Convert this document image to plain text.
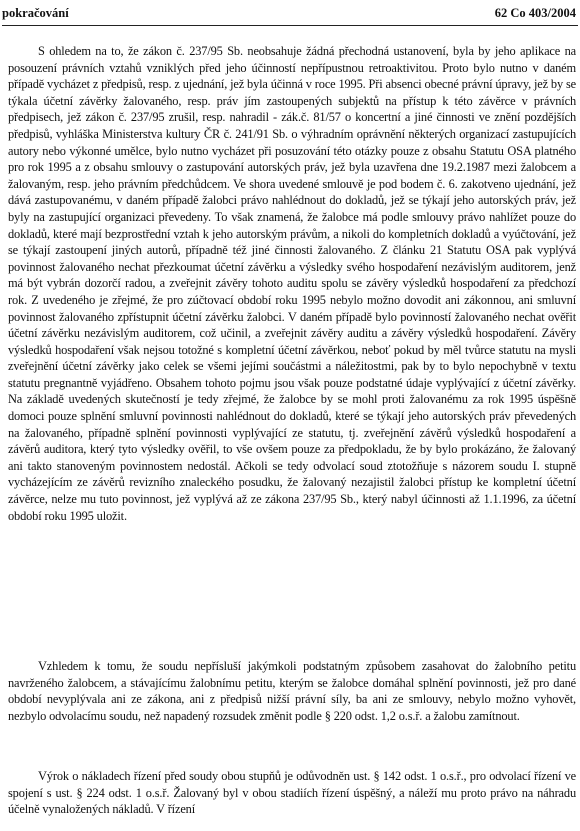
pokračování	62 Co 403/2004

S ohledem na to, že zákon č. 237/95 Sb. neobsahuje žádná přechodná ustanovení, byla by jeho aplikace na posouzení právních vztahů vzniklých před jeho účinností nepřípustnou retroaktivitou. Proto bylo nutno v daném případě vycházet z předpisů, resp. z ujednání, jež byla účinná v roce 1995. Při absenci obecné právní úpravy, jež by se týkala účetní závěrky žalovaného, resp. práv jím zastoupených subjektů na přístup k této závěrce v právních předpisech, jež zákon č. 237/95 zrušil, resp. nahradil - zák.č. 81/57 o koncertní a jiné činnosti ve znění pozdějších předpisů, vyhláška Ministerstva kultury ČR č. 241/91 Sb. o výhradním oprávnění některých organizací zastupujících autory nebo výkonné umělce, bylo nutno vycházet při posuzování této otázky pouze z obsahu Statutu OSA platného pro rok 1995 a z obsahu smlouvy o zastupování autorských práv, jež byla uzavřena dne 19.2.1987 mezi žalobcem a žalovaným, resp. jeho právním předchůdcem. Ve shora uvedené smlouvě je pod bodem č. 6. zakotveno ujednání, jež dává zastupovanému, v daném případě žalobci právo nahlédnout do dokladů, jež se týkají jeho autorských práv, jež byly na zastupující organizaci převedeny. To však znamená, že žalobce má podle smlouvy právo nahlížet pouze do dokladů, které mají bezprostřední vztah k jeho autorským právům, a nikoli do kompletních dokladů a vyúčtování, jež se týkají zastoupení jiných autorů, případně též jiné činnosti žalovaného. Z článku 21 Statutu OSA pak vyplývá povinnost žalovaného nechat přezkoumat účetní závěrku a výsledky svého hospodaření nezávislým auditorem, jenž má být vybrán dozorčí radou, a zveřejnit závěry tohoto auditu spolu se závěry výsledků hospodaření za předchozí rok. Z uvedeného je zřejmé, že pro zúčtovací období roku 1995 nebylo možno dovodit ani zákonnou, ani smluvní povinnost žalovaného zpřístupnit účetní závěrku žalobci. V daném případě bylo povinností žalovaného nechat ověřit účetní závěrku nezávislým auditorem, což učinil, a zveřejnit závěry auditu a závěry výsledků hospodaření. Závěry výsledků hospodaření však nejsou totožné s kompletní účetní závěrkou, neboť pokud by měl tvůrce statutu na mysli zveřejnění účetní závěrky jako celek se všemi jejími součástmi a náležitostmi, pak by to bylo nepochybně v textu statutu pregnantně vyjádřeno. Obsahem tohoto pojmu jsou však pouze podstatné údaje vyplývající z účetní závěrky. Na základě uvedených skutečností je tedy zřejmé, že žalobce by se mohl proti žalovanému za rok 1995 úspěšně domoci pouze splnění smluvní povinnosti nahlédnout do dokladů, které se týkají jeho autorských práv převedených na žalovaného, případně splnění povinnosti vyplývající ze statutu, tj. zveřejnění závěrů výsledků hospodaření a závěrů auditora, který tyto výsledky ověřil, to vše ovšem pouze za předpokladu, že by bylo prokázáno, že žalovaný ani takto stanoveným povinnostem nedostál. Ačkoli se tedy odvolací soud ztotožňuje s názorem soudu I. stupně vycházejícím ze závěrů revizního znaleckého posudku, že žalovaný nezajistil žalobci přístup ke kompletní účetní závěrce, nelze mu tuto povinnost, jež vyplývá až ze zákona 237/95 Sb., který nabyl účinnosti až 1.1.1996, za účetní období roku 1995 uložit.

Vzhledem k tomu, že soudu nepřísluší jakýmkoli podstatným způsobem zasahovat do žalobního petitu navrženého žalobcem, a stávajícímu žalobnímu petitu, kterým se žalobce domáhal splnění povinnosti, jež pro dané období nevyplývala ani ze zákona, ani z předpisů nižší právní síly, ba ani ze smlouvy, nebylo možno vyhovět, nezbylo odvolacímu soudu, než napadený rozsudek změnit podle § 220 odst. 1,2 o.s.ř. a žalobu zamítnout.

Výrok o nákladech řízení před soudy obou stupňů je odůvodněn ust. § 142 odst. 1 o.s.ř., pro odvolací řízení ve spojení s ust. § 224 odst. 1 o.s.ř. Žalovaný byl v obou stadiích řízení úspěšný, a náleží mu proto právo na náhradu účelně vynaložených nákladů. V řízení
